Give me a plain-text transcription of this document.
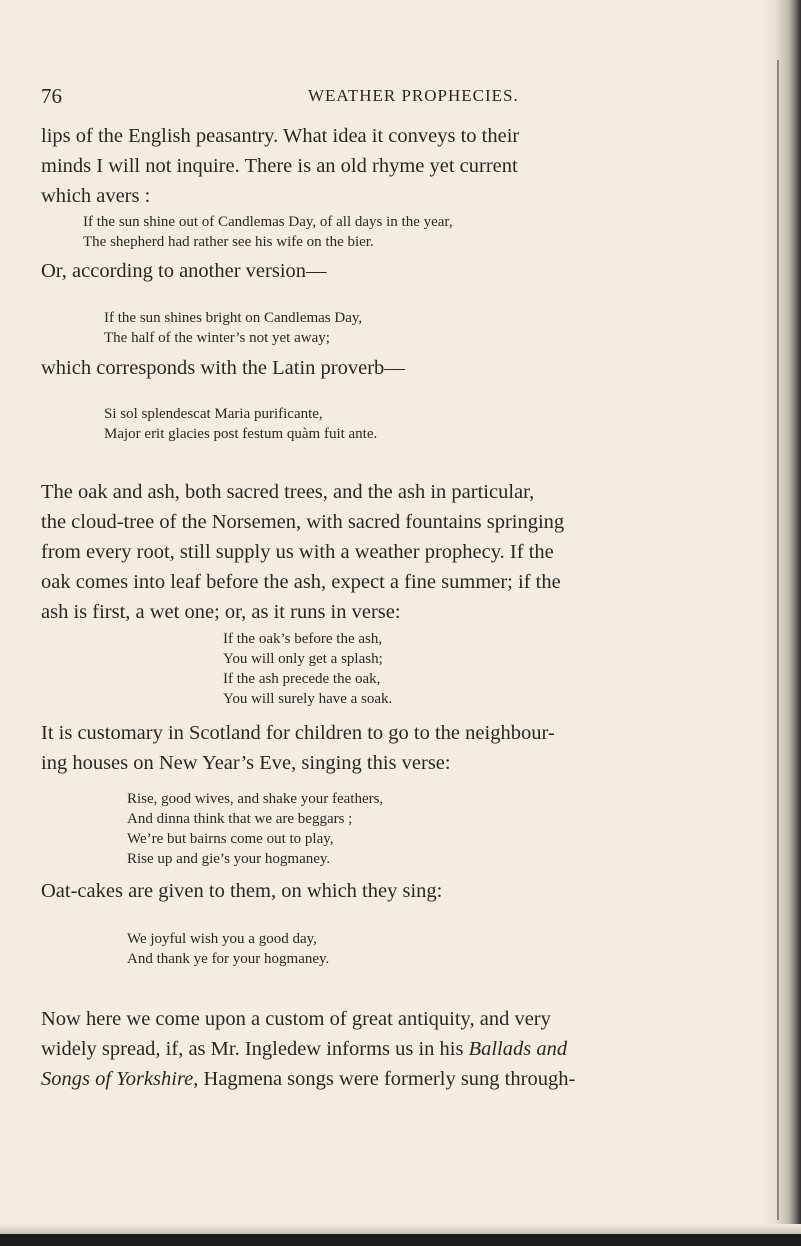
76	WEATHER PROPHECIES.

lips of the English peasantry. What idea it conveys to their
minds I will not inquire. There is an old rhyme yet current
which avers :

If the sun shine out of Candlemas Day, of all days in the year,
The shepherd had rather see his wife on the bier.

Or, according to another version—

If the sun shines bright on Candlemas Day,
The half of the winter’s not yet away;

which corresponds with the Latin proverb—

Si sol splendescat Maria purificante,
Major erit glacies post festum quàm fuit ante.

The oak and ash, both sacred trees, and the ash in particular,
the cloud-tree of the Norsemen, with sacred fountains springing
from every root, still supply us with a weather prophecy. If the
oak comes into leaf before the ash, expect a fine summer; if the
ash is first, a wet one; or, as it runs in verse:

If the oak’s before the ash,
You will only get a splash;
If the ash precede the oak,
You will surely have a soak.

It is customary in Scotland for children to go to the neighbour-
ing houses on New Year’s Eve, singing this verse:

Rise, good wives, and shake your feathers,
And dinna think that we are beggars ;
We’re but bairns come out to play,
Rise up and gie’s your hogmaney.

Oat-cakes are given to them, on which they sing:

We joyful wish you a good day,
And thank ye for your hogmaney.

Now here we come upon a custom of great antiquity, and very
widely spread, if, as Mr. Ingledew informs us in his Ballads and
Songs of Yorkshire, Hagmena songs were formerly sung through-
